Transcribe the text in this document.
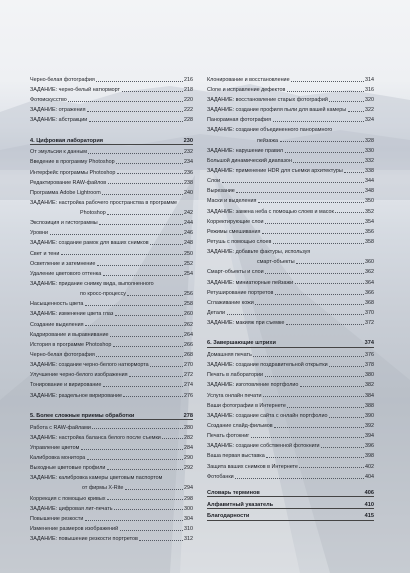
Черно-белая фотография	216
ЗАДАНИЕ: черно-белый натюрморт	218
Фотоискусство	220
ЗАДАНИЕ: отражения	222
ЗАДАНИЕ: абстракции	228
4. Цифровая лаборатория	230
От эмульсии к данным	232
Введение в программу Photoshop	234
Интерфейс программы Photoshop	236
Редактирование RAW-файлов	238
Программа Adobe Lightroom	240
ЗАДАНИЕ: настройка рабочего пространства в программе
Photoshop	242
Экспозиция и гистограммы	244
Уровни	246
ЗАДАНИЕ: создание рамок для ваших снимков	248
Свет и тени	250
Осветление и затемнение	252
Удаление цветового оттенка	254
ЗАДАНИЕ: придание снимку вида, выполненного
по кросс-процессу	256
Насыщенность цвета	258
ЗАДАНИЕ: изменение цвета глаз	260
Создание выделения	262
Кадрирование и выравнивание	264
История в программе Photoshop	266
Черно-белая фотография	268
ЗАДАНИЕ: создание черно-белого натюрморта	270
Улучшение черно-белого изображения	272
Тонирование и вирирование	274
ЗАДАНИЕ: раздельное вирирование	276
5. Более сложные приемы обработки	278
Работа с RAW-файлами	280
ЗАДАНИЕ: настройка баланса белого после съемки	282
Управление цветом	284
Калибровка монитора	290
Выходные цветовые профили	292
ЗАДАНИЕ: калибровка камеры цветовым паспортом
от фирмы X-Rite	294
Коррекция с помощью кривых	298
ЗАДАНИЕ: цифровая лит-печать	300
Повышение резкости	304
Изменение размеров изображений	310
ЗАДАНИЕ: повышение резкости портретов	312
Клонирование и восстановление	314
Clone и исправление дефектов	316
ЗАДАНИЕ: восстановление старых фотографий	320
ЗАДАНИЕ: создание профиля пыли для вашей камеры	322
Панорамная фотография	324
ЗАДАНИЕ: создание объединенного панорамного
пейзажа	328
ЗАДАНИЕ: нарушение правил	330
Большой динамический диапазон	332
ЗАДАНИЕ: применение HDR для съемки архитектуры	338
Слои	344
Вырезание	348
Маски и выделения	350
ЗАДАНИЕ: замена неба с помощью слоев и масок	352
Корректирующие слои	354
Режимы смешивания	356
Ретушь с помощью слоев	358
ЗАДАНИЕ: добавьте фактуры, используя
смарт-объекты	360
Смарт-объекты и слои	362
ЗАДАНИЕ: миниатюрные пейзажи	364
Ретуширование портретов	366
Сглаживание кожи	368
Детали	370
ЗАДАНИЕ: макияж при съемке	372
6. Завершающие штрихи	374
Домашняя печать	376
ЗАДАНИЕ: создание поздравительной открытки	378
Печать в лаборатории	380
ЗАДАНИЕ: изготовление портфолио	382
Услуга онлайн печати	384
Ваши фотографии в Интернете	388
ЗАДАНИЕ: создание сайта с онлайн портфолио	390
Создание слайд-фильмов	392
Печать фотокниг	394
ЗАДАНИЕ: создание собственной фотокниги	396
Ваша первая выставка	398
Защита ваших снимков в Интернете	402
Фотобанки	404
Словарь терминов	406
Алфавитный указатель	410
Благодарности	415
